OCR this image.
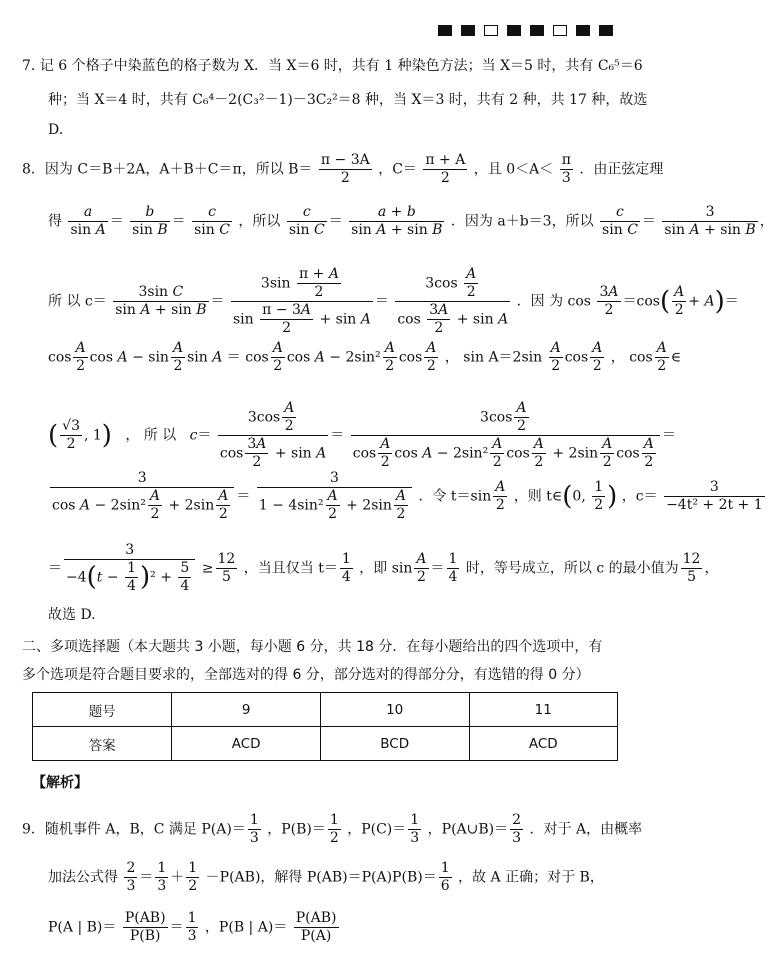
7. 记 6 个格子中染蓝色的格子数为 X．当 X＝6 时，共有 1 种染色方法；当 X＝5 时，共有 C₆⁵＝6
种；当 X＝4 时，共有 C₆⁴－2(C₃²－1)－3C₂²＝8 种，当 X＝3 时，共有 2 种，共 17 种，故选
D.
8．因为 C＝B＋2A，A＋B＋C＝π，所以 $B= \frac{\pi - 3A}{2}$ ，$C= \frac{\pi + A}{2}$ ，且 $0<A< \frac{\pi}{3}$ ．由正弦定理
得 $\frac{a}{\text{sin A}} = \frac{b}{\text{sin B}} = \frac{c}{\text{sin C}}$ ，所以 $\frac{c}{\text{sin C}} = \frac{a + b}{\text{sin A + sin B}}$ ．因为 a＋b＝3，所以 $\frac{c}{\text{sin C}} = \frac{3}{\text{sin A + sin B}}$ ，
所 以 $c= \frac{\text{3sin C}}{\text{sin A + sin B}} = \frac{3\sin \frac{\pi + A}{2}}{\sin \frac{\pi - 3A}{2} + \sin A} = \frac{3\cos \frac{A}{2}}{\cos \frac{3A}{2} + \sin A}$ ．因 为 $\cos \frac{3A}{2} =\cos( \frac{A}{2} + A)=$
$\cos \frac{A}{2}$ $\cos A - \sin \frac{A}{2}$ $\sin A = \cos \frac{A}{2}$ $\cos A - 2\sin^2 \frac{A}{2}$ $\cos \frac{A}{2}$ ， $\sin A=2\sin \frac{A}{2}$ $\cos \frac{A}{2}$ ， $\cos \frac{A}{2}$ ∈
( $\frac{√3}{2}$ , 1) ， 所 以 $c= \frac{3\cos \frac{A}{2}}{\cos \frac{3A}{2} + \sin A} = \frac{3\cos \frac{A}{2}}{\cos \frac{A}{2} \cos A - 2\sin^2 \frac{A}{2} \cos \frac{A}{2} + 2\sin \frac{A}{2} \cos \frac{A}{2}}$ ＝
$\frac{3}{\cos A - 2\sin^2 \frac{A}{2} + 2\sin \frac{A}{2}} = \frac{3}{1 - 4\sin^2 \frac{A}{2} + 2\sin \frac{A}{2}}$ ．令 $t=\sin \frac{A}{2}$ ，则 t∈(0, $\frac{1}{2}$ ) ，$c= \frac{3}{\text{−4t² + 2t + 1}}$
＝ $\frac{3}{-4(t - \frac{1}{4} )^2 + \frac{5}{4}} \ge \frac{12}{5}$ ，当且仅当 $t= \frac{1}{4}$ ，即 $\sin \frac{A}{2} = \frac{1}{4}$ 时，等号成立，所以 c 的最小值为 $\frac{12}{5}$ ，
故选 D.
二、多项选择题（本大题共 3 小题，每小题 6 分，共 18 分．在每小题给出的四个选项中，有
多个选项是符合题目要求的，全部选对的得 6 分，部分选对的得部分分，有选错的得 0 分）
题号	9	10	11
答案	ACD	BCD	ACD
【解析】
9．随机事件 A，B，C 满足 $P(A)= \frac{1}{3}$ ，$P(B)= \frac{1}{2}$ ，$P(C)= \frac{1}{3}$ ，P(A∪B)＝ $\frac{2}{3}$ ．对于 A，由概率
加法公式得 $\frac{2}{3} = \frac{1}{3} + \frac{1}{2} -P(AB)$，解得 $P(AB)=P(A)P(B)= \frac{1}{6}$ ，故 A 正确；对于 B，
P(A | $B)= \frac{P(AB)}{P(B)} = \frac{1}{3}$ ，P(B | $A)= \frac{P(AB)}{P(A)}$
